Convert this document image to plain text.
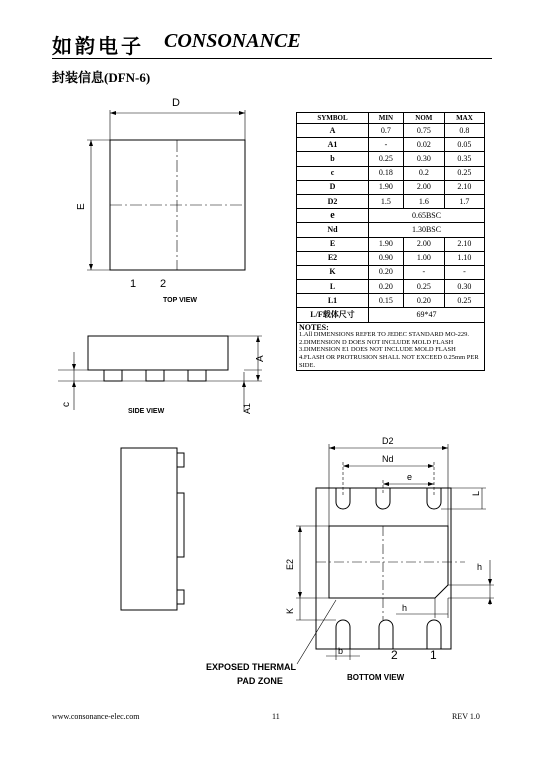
如韵电子 CONSONANCE
封装信息(DFN-6)
D
E
1 2
TOP VIEW
A
A1
c
SIDE VIEW
D2
Nd
e
L
E2	h
h
K
b	2	1
EXPOSED THERMAL
PAD ZONE	BOTTOM VIEW
SYMBOL	MIN	NOM	MAX
A	0.7	0.75	0.8
A1	-	0.02	0.05
b	0.25	0.30	0.35
c	0.18	0.2	0.25
D	1.90	2.00	2.10
D2	1.5	1.6	1.7
e	0.65BSC		
Nd	1.30BSC		
E	1.90	2.00	2.10
E2	0.90	1.00	1.10
K	0.20	-	-
L	0.20	0.25	0.30
L1	0.15	0.20	0.25
L/F载体尺寸	69*47		

NOTES:
1.All DIMENSIONS REFER TO JEDEC STANDARD MO-229.
2.DIMENSION D DOES NOT INCLUDE MOLD FLASH
3.DIMENSION E1 DOES NOT INCLUDE MOLD FLASH
4.FLASH OR PROTRUSION SHALL NOT EXCEED 0.25mm PER SIDE.			
www.consonance-elec.com	11	REV 1.0
